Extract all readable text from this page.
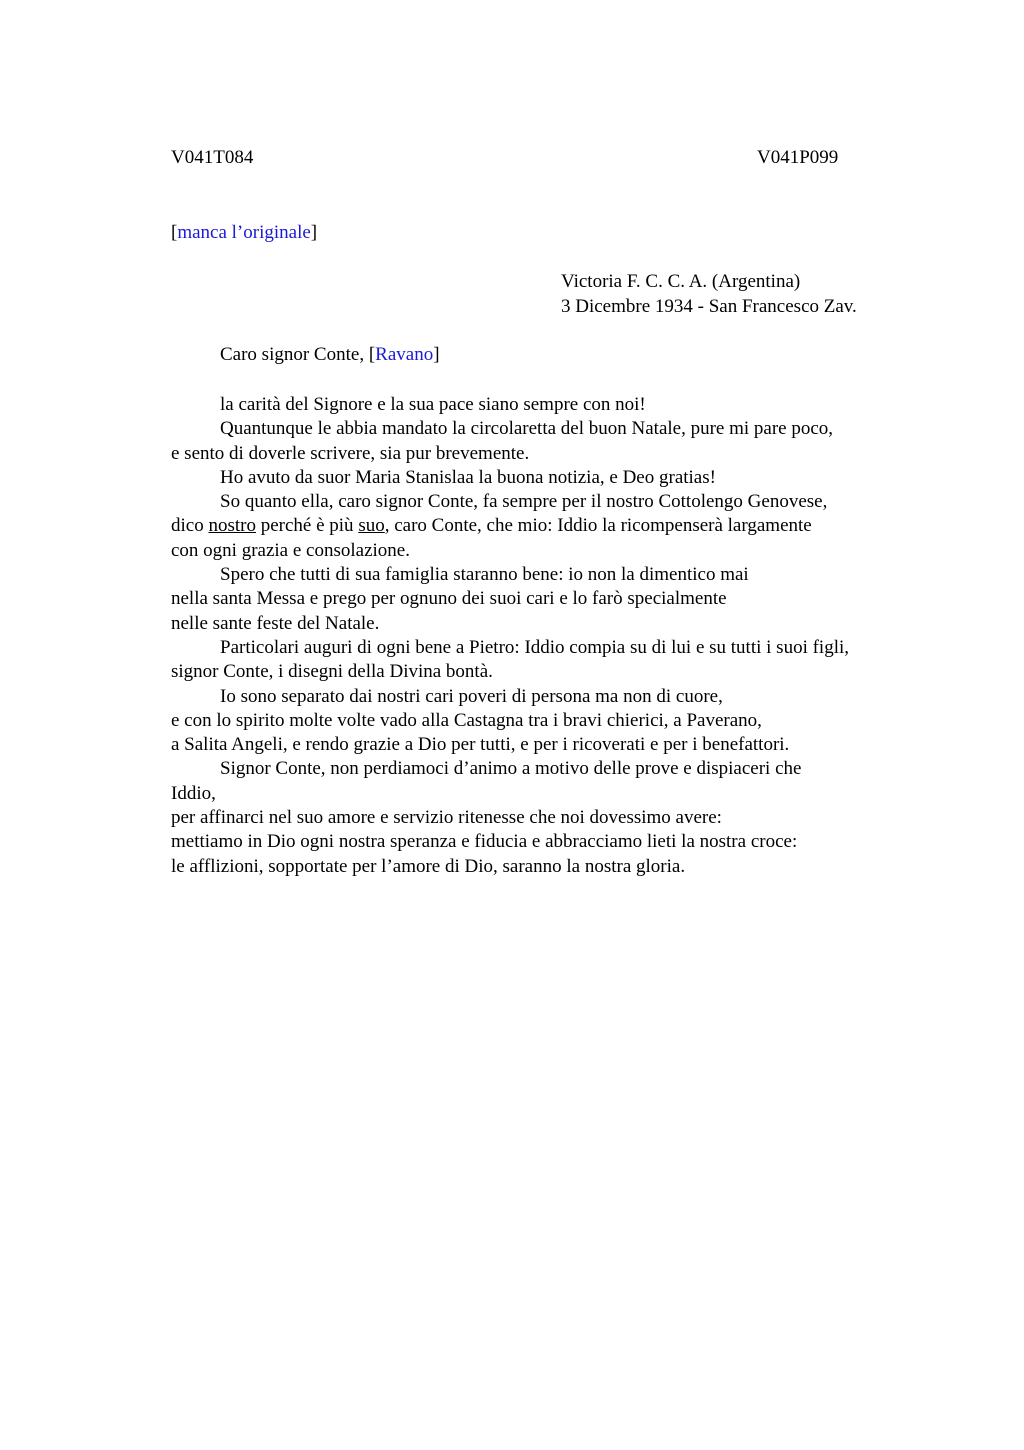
V041T084	V041P099
[manca l’originale]
Victoria F. C. C. A. (Argentina)
3 Dicembre 1934 - San Francesco Zav.
Caro signor Conte, [Ravano]
la carità del Signore e la sua pace siano sempre con noi!
Quantunque le abbia mandato la circolaretta del buon Natale, pure mi pare poco,
e sento di doverle scrivere, sia pur brevemente.
Ho avuto da suor Maria Stanislaa la buona notizia, e Deo gratias!
So quanto ella, caro signor Conte, fa sempre per il nostro Cottolengo Genovese,
dico nostro perché è più suo, caro Conte, che mio: Iddio la ricompenserà largamente
con ogni grazia e consolazione.
Spero che tutti di sua famiglia staranno bene: io non la dimentico mai
nella santa Messa e prego per ognuno dei suoi cari e lo farò specialmente
nelle sante feste del Natale.
Particolari auguri di ogni bene a Pietro: Iddio compia su di lui e su tutti i suoi figli,
signor Conte, i disegni della Divina bontà.
Io sono separato dai nostri cari poveri di persona ma non di cuore,
e con lo spirito molte volte vado alla Castagna tra i bravi chierici, a Paverano,
a Salita Angeli, e rendo grazie a Dio per tutti, e per i ricoverati e per i benefattori.
Signor Conte, non perdiamoci d’animo a motivo delle prove e dispiaceri che
Iddio,
per affinarci nel suo amore e servizio ritenesse che noi dovessimo avere:
mettiamo in Dio ogni nostra speranza e fiducia e abbracciamo lieti la nostra croce:
le afflizioni, sopportate per l’amore di Dio, saranno la nostra gloria.
